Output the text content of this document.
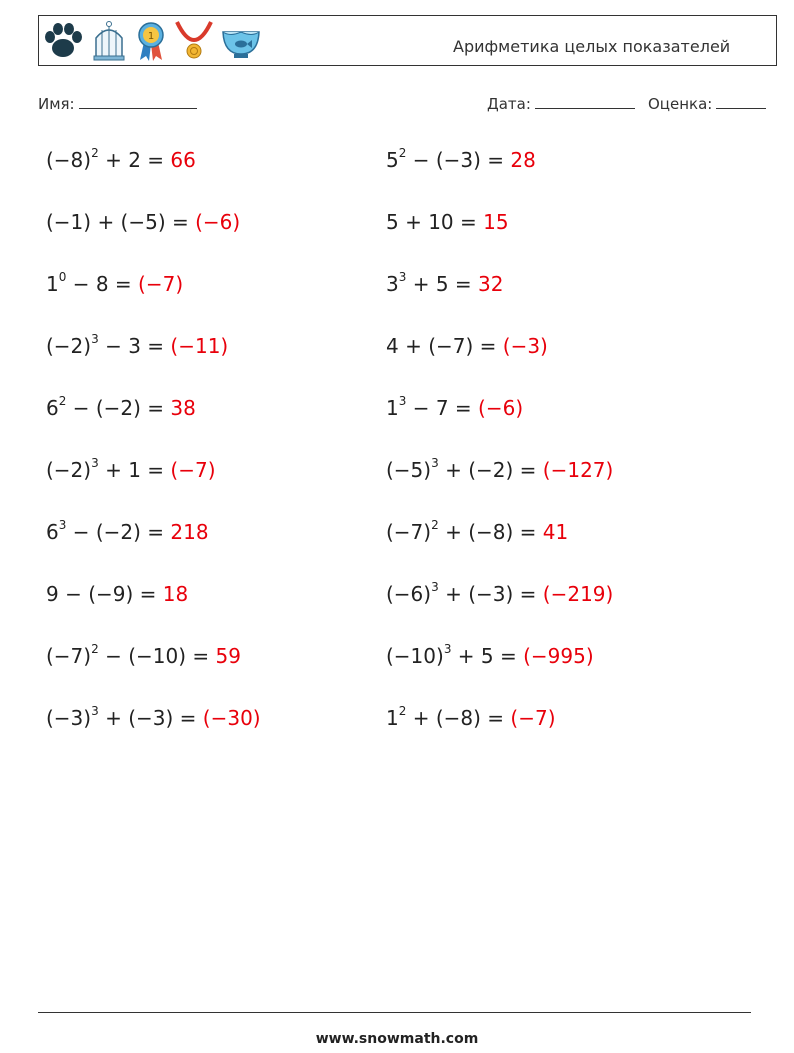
1
Арифметика целых показателей
Имя:	Дата:	Оценка:
$(-8)^2 + 2 = 66$	$5^2 - (-3) = 28$
(−1) + (−5) = (−6)	5 + 10 = 15
$1^0 - 8 = (-7)$	$3^3 + 5 = 32$
$(-2)^3 - 3 = (-11)$	4 + (−7) = (−3)
$6^2 - (-2) = 38$	$1^3 - 7 = (-6)$
$(-2)^3 + 1 = (-7)$	$(-5)^3 + (-2) = (-127)$
$6^3 - (-2) = 218$	$(-7)^2 + (-8) = 41$
9 − (−9) = 18	$(-6)^3 + (-3) = (-219)$
$(-7)^2 - (-10) = 59$	$(-10)^3 + 5 = (-995)$
$(-3)^3 + (-3) = (-30)$	$1^2 + (-8) = (-7)$
www.snowmath.com
